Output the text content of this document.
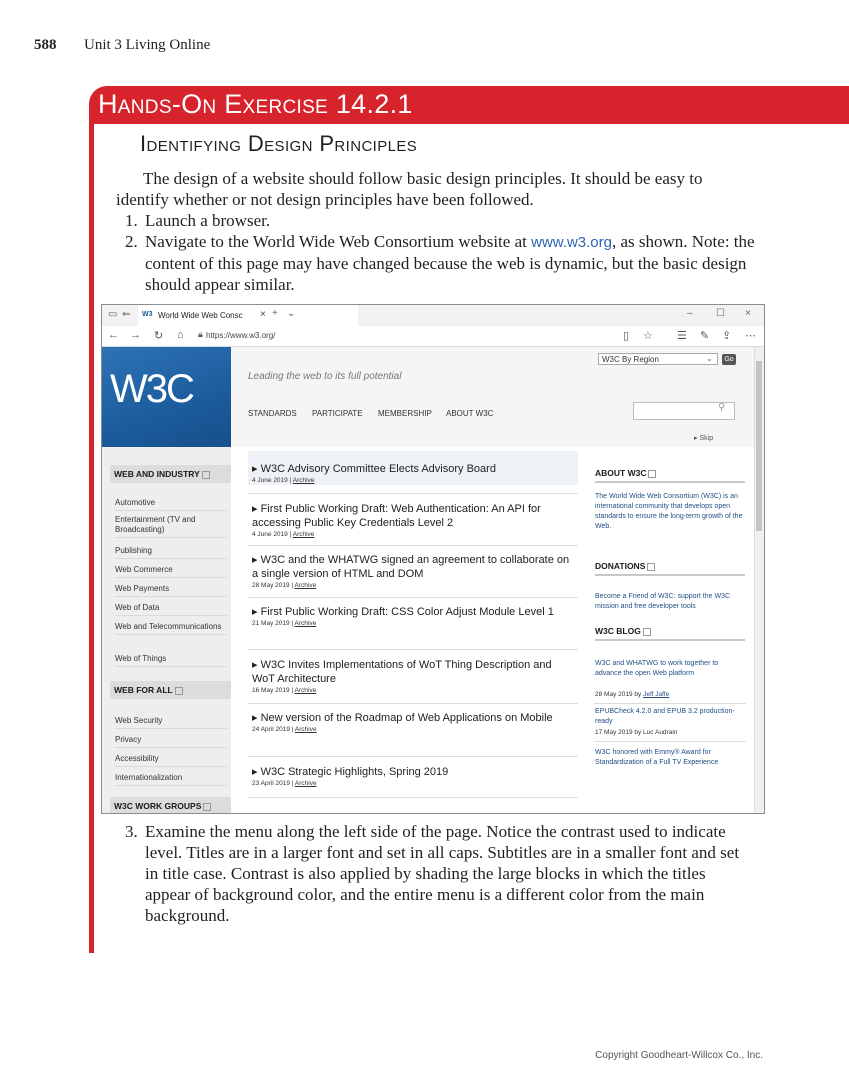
588 Unit 3 Living Online
Hands-On Exercise 14.2.1
Identifying Design Principles
The design of a website should follow basic design principles. It should be easy to identify whether or not design principles have been followed.
1. Launch a browser.
2. Navigate to the World Wide Web Consortium website at www.w3.org, as shown. Note: the content of this page may have changed because the web is dynamic, but the basic design should appear similar.
▭ ⇐ W3 World Wide Web Consc × + ⌄	– ☐ ×
← → ↻ ⌂ 🔒︎ https://www.w3.org/	▯ ☆ ☰ ✎ ⇪ ⋯
W3C	Leading the web to its full potential
W3C By Region	⌄	Go
STANDARDS PARTICIPATE MEMBERSHIP ABOUT W3C
⚲
▸ Skip
WEB AND INDUSTRY
Automotive
Entertainment (TV and Broadcasting)
Publishing
Web Commerce
Web Payments
Web of Data
Web and Telecommunications
Web of Things
WEB FOR ALL
Web Security
Privacy
Accessibility
Internationalization
W3C WORK GROUPS
▸ W3C Advisory Committee Elects Advisory Board
4 June 2019 | Archive
▸ First Public Working Draft: Web Authentication: An API for accessing Public Key Credentials Level 2
4 June 2019 | Archive
▸ W3C and the WHATWG signed an agreement to collaborate on a single version of HTML and DOM
28 May 2019 | Archive
▸ First Public Working Draft: CSS Color Adjust Module Level 1
21 May 2019 | Archive
▸ W3C Invites Implementations of WoT Thing Description and WoT Architecture
16 May 2019 | Archive
▸ New version of the Roadmap of Web Applications on Mobile
24 April 2019 | Archive
▸ W3C Strategic Highlights, Spring 2019
23 April 2019 | Archive
ABOUT W3C
The World Wide Web Consortium (W3C) is an international community that develops open standards to ensure the long-term growth of the Web.
DONATIONS
Become a Friend of W3C: support the W3C mission and free developer tools
W3C BLOG
W3C and WHATWG to work together to advance the open Web platform
28 May 2019 by Jeff Jaffe
EPUBCheck 4.2.0 and EPUB 3.2 production-ready
17 May 2019 by Luc Audrain
W3C honored with Emmy® Award for Standardization of a Full TV Experience
3. Examine the menu along the left side of the page. Notice the contrast used to indicate level. Titles are in a larger font and set in all caps. Subtitles are in a smaller font and set in title case. Contrast is also applied by shading the large blocks in which the titles appear of background color, and the entire menu is a different color from the main background.
Copyright Goodheart-Willcox Co., Inc.
